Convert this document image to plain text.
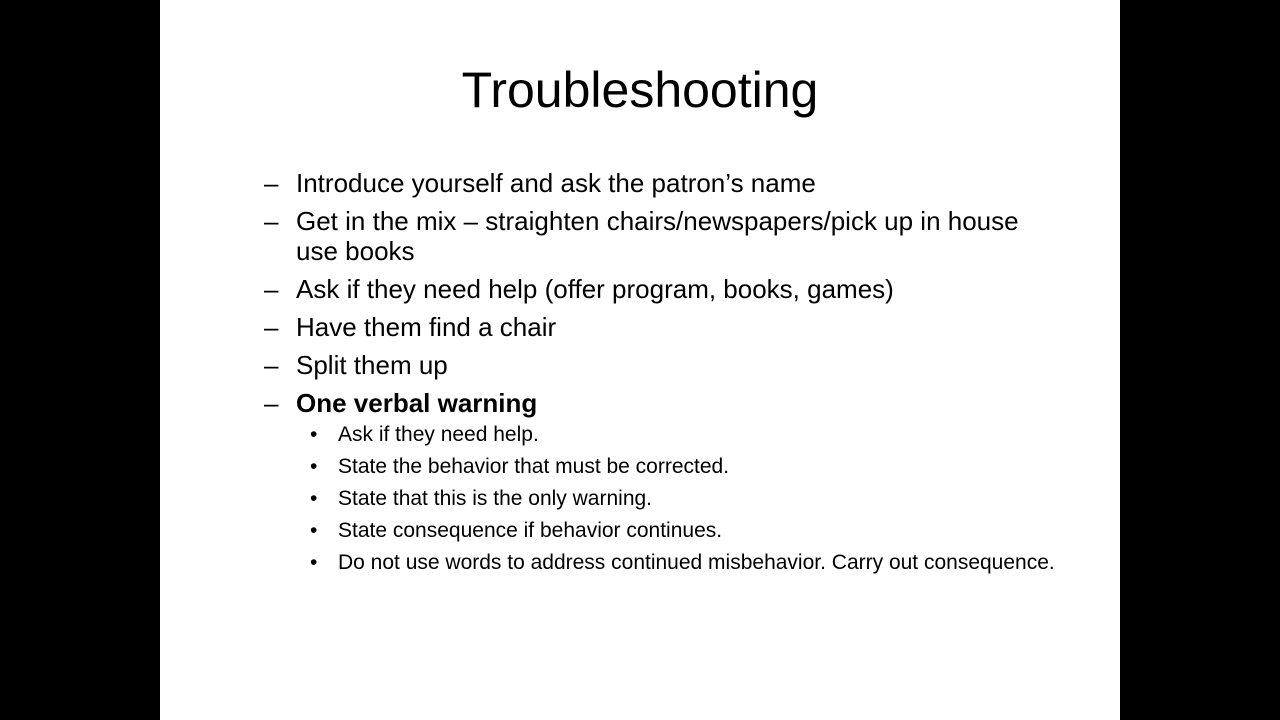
Troubleshooting
– Introduce yourself and ask the patron’s name
– Get in the mix – straighten chairs/newspapers/pick up in house use books
– Ask if they need help (offer program, books, games)
– Have them find a chair
– Split them up
– One verbal warning
• Ask if they need help.
• State the behavior that must be corrected.
• State that this is the only warning.
• State consequence if behavior continues.
• Do not use words to address continued misbehavior. Carry out consequence.
